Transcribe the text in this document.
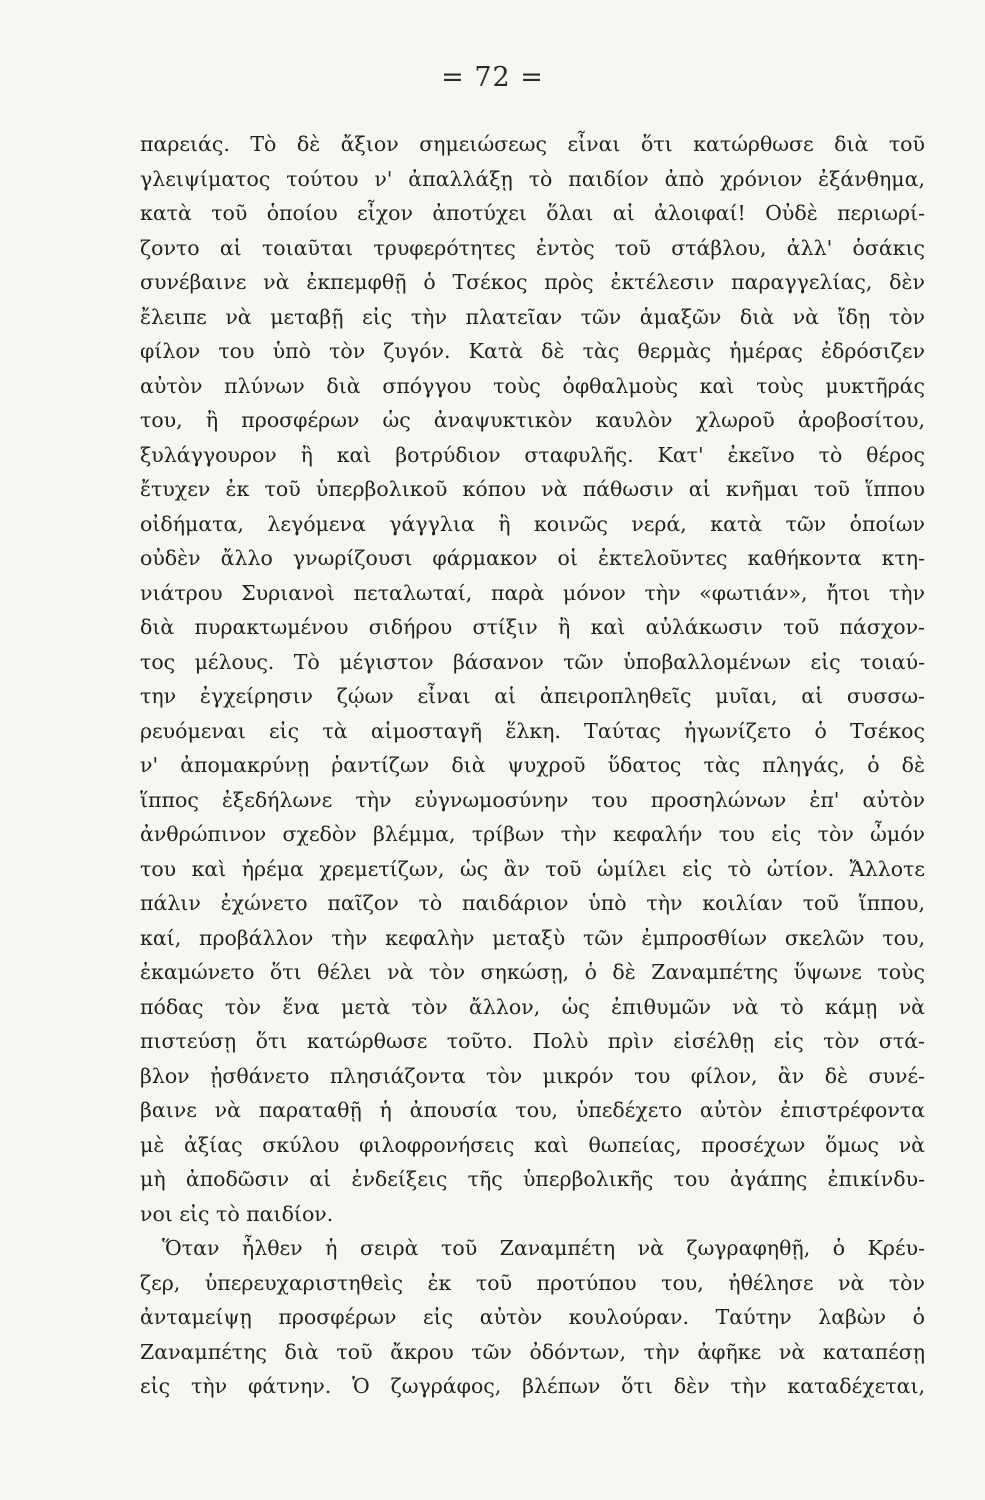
= 72 =
παρειάς. Τὸ δὲ ἄξιον σημειώσεως εἶναι ὅτι κατώρθωσε διὰ τοῦ
γλειψίματος τούτου ν' ἀπαλλάξῃ τὸ παιδίον ἀπὸ χρόνιον ἐξάνθημα,
κατὰ τοῦ ὁποίου εἶχον ἀποτύχει ὅλαι αἱ ἀλοιφαί! Οὐδὲ περιωρί-
ζοντο αἱ τοιαῦται τρυφερότητες ἐντὸς τοῦ στάβλου, ἀλλ' ὁσάκις
συνέβαινε νὰ ἐκπεμφθῇ ὁ Τσέκος πρὸς ἐκτέλεσιν παραγγελίας, δὲν
ἔλειπε νὰ μεταβῇ εἰς τὴν πλατεῖαν τῶν ἁμαξῶν διὰ νὰ ἴδῃ τὸν
φίλον του ὑπὸ τὸν ζυγόν. Κατὰ δὲ τὰς θερμὰς ἡμέρας ἐδρόσιζεν
αὐτὸν πλύνων διὰ σπόγγου τοὺς ὀφθαλμοὺς καὶ τοὺς μυκτῆράς
του, ἢ προσφέρων ὡς ἀναψυκτικὸν καυλὸν χλωροῦ ἀροβοσίτου,
ξυλάγγουρον ἢ καὶ βοτρύδιον σταφυλῆς. Κατ' ἐκεῖνο τὸ θέρος
ἔτυχεν ἐκ τοῦ ὑπερβολικοῦ κόπου νὰ πάθωσιν αἱ κνῆμαι τοῦ ἵππου
οἰδήματα, λεγόμενα γάγγλια ἢ κοινῶς νερά, κατὰ τῶν ὁποίων
οὐδὲν ἄλλο γνωρίζουσι φάρμακον οἱ ἐκτελοῦντες καθήκοντα κτη-
νιάτρου Συριανοὶ πεταλωταί, παρὰ μόνον τὴν «φωτιάν», ἤτοι τὴν
διὰ πυρακτωμένου σιδήρου στίξιν ἢ καὶ αὐλάκωσιν τοῦ πάσχον-
τος μέλους. Τὸ μέγιστον βάσανον τῶν ὑποβαλλομένων εἰς τοιαύ-
την ἐγχείρησιν ζῴων εἶναι αἱ ἀπειροπληθεῖς μυῖαι, αἱ συσσω-
ρευόμεναι εἰς τὰ αἱμοσταγῆ ἕλκη. Ταύτας ἠγωνίζετο ὁ Τσέκος
ν' ἀπομακρύνῃ ῥαντίζων διὰ ψυχροῦ ὕδατος τὰς πληγάς, ὁ δὲ
ἵππος ἐξεδήλωνε τὴν εὐγνωμοσύνην του προσηλώνων ἐπ' αὐτὸν
ἀνθρώπινον σχεδὸν βλέμμα, τρίβων τὴν κεφαλήν του εἰς τὸν ὦμόν
του καὶ ἠρέμα χρεμετίζων, ὡς ἂν τοῦ ὡμίλει εἰς τὸ ὠτίον. Ἄλλοτε
πάλιν ἐχώνετο παῖζον τὸ παιδάριον ὑπὸ τὴν κοιλίαν τοῦ ἵππου,
καί, προβάλλον τὴν κεφαλὴν μεταξὺ τῶν ἐμπροσθίων σκελῶν του,
ἐκαμώνετο ὅτι θέλει νὰ τὸν σηκώσῃ, ὁ δὲ Ζαναμπέτης ὕψωνε τοὺς
πόδας τὸν ἕνα μετὰ τὸν ἄλλον, ὡς ἐπιθυμῶν νὰ τὸ κάμῃ νὰ
πιστεύσῃ ὅτι κατώρθωσε τοῦτο. Πολὺ πρὶν εἰσέλθῃ εἰς τὸν στά-
βλον ᾐσθάνετο πλησιάζοντα τὸν μικρόν του φίλον, ἂν δὲ συνέ-
βαινε νὰ παραταθῇ ἡ ἀπουσία του, ὑπεδέχετο αὐτὸν ἐπιστρέφοντα
μὲ ἀξίας σκύλου φιλοφρονήσεις καὶ θωπείας, προσέχων ὅμως νὰ
μὴ ἀποδῶσιν αἱ ἐνδείξεις τῆς ὑπερβολικῆς του ἀγάπης ἐπικίνδυ-
νοι εἰς τὸ παιδίον.
Ὅταν ἦλθεν ἡ σειρὰ τοῦ Ζαναμπέτη νὰ ζωγραφηθῇ, ὁ Κρέυ-
ζερ, ὑπερευχαριστηθεὶς ἐκ τοῦ προτύπου του, ἠθέλησε νὰ τὸν
ἀνταμείψῃ προσφέρων εἰς αὐτὸν κουλούραν. Ταύτην λαβὼν ὁ
Ζαναμπέτης διὰ τοῦ ἄκρου τῶν ὀδόντων, τὴν ἀφῆκε νὰ καταπέσῃ
εἰς τὴν φάτνην. Ὁ ζωγράφος, βλέπων ὅτι δὲν τὴν καταδέχεται,
